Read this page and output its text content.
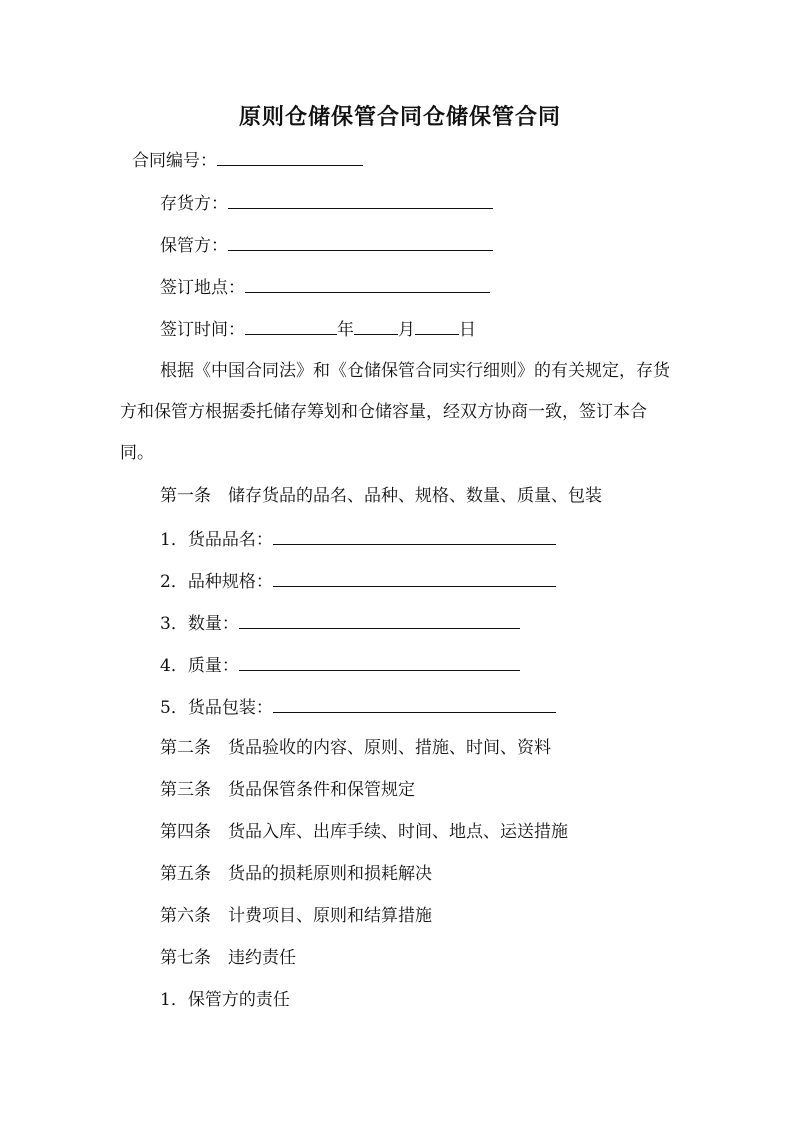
原则仓储保管合同仓储保管合同
合同编号：
存货方：
保管方：
签订地点：
签订时间：	年	月	日
根据《中国合同法》和《仓储保管合同实行细则》的有关规定，存货方和保管方根据委托储存筹划和仓储容量，经双方协商一致，签订本合同。
第一条　储存货品的品名、品种、规格、数量、质量、包装
1．货品品名：
2．品种规格：
3．数量：
4．质量：
5．货品包装：
第二条　货品验收的内容、原则、措施、时间、资料
第三条　货品保管条件和保管规定
第四条　货品入库、出库手续、时间、地点、运送措施
第五条　货品的损耗原则和损耗解决
第六条　计费项目、原则和结算措施
第七条　违约责任
1．保管方的责任
